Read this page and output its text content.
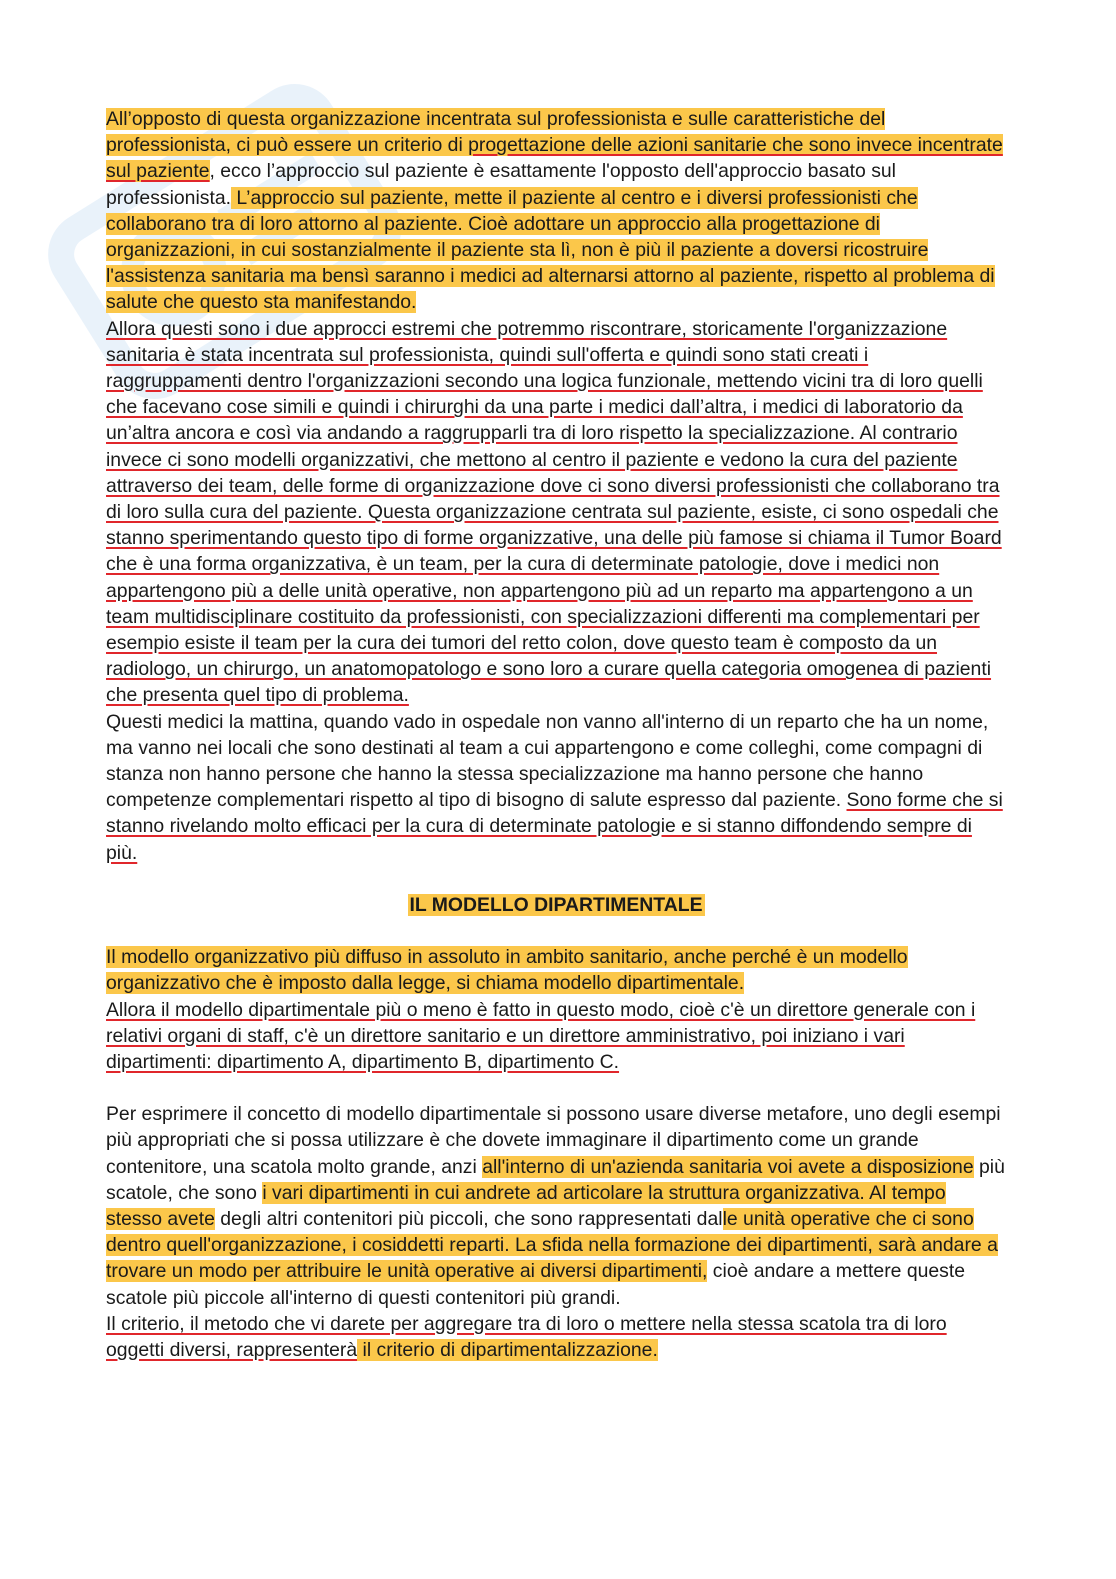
All’opposto di questa organizzazione incentrata sul professionista e sulle caratteristiche del professionista, ci può essere un criterio di progettazione delle azioni sanitarie che sono invece incentrate sul paziente, ecco l’approccio sul paziente è esattamente l'opposto dell'approccio basato sul professionista. L’approccio sul paziente, mette il paziente al centro e i diversi professionisti che collaborano tra di loro attorno al paziente. Cioè adottare un approccio alla progettazione di organizzazioni, in cui sostanzialmente il paziente sta lì, non è più il paziente a doversi ricostruire l'assistenza sanitaria ma bensì saranno i medici ad alternarsi attorno al paziente, rispetto al problema di salute che questo sta manifestando.

Allora questi sono i due approcci estremi che potremmo riscontrare, storicamente l'organizzazione sanitaria è stata incentrata sul professionista, quindi sull'offerta e quindi sono stati creati i raggruppamenti dentro l'organizzazioni secondo una logica funzionale, mettendo vicini tra di loro quelli che facevano cose simili e quindi i chirurghi da una parte i medici dall’altra, i medici di laboratorio da un’altra ancora e così via andando a raggrupparli tra di loro rispetto la specializzazione. Al contrario invece ci sono modelli organizzativi, che mettono al centro il paziente e vedono la cura del paziente attraverso dei team, delle forme di organizzazione dove ci sono diversi professionisti che collaborano tra di loro sulla cura del paziente. Questa organizzazione centrata sul paziente, esiste, ci sono ospedali che stanno sperimentando questo tipo di forme organizzative, una delle più famose si chiama il Tumor Board che è una forma organizzativa, è un team, per la cura di determinate patologie, dove i medici non appartengono più a delle unità operative, non appartengono più ad un reparto ma appartengono a un team multidisciplinare costituito da professionisti, con specializzazioni differenti ma complementari per esempio esiste il team per la cura dei tumori del retto colon, dove questo team è composto da un radiologo, un chirurgo, un anatomopatologo e sono loro a curare quella categoria omogenea di pazienti che presenta quel tipo di problema.

Questi medici la mattina, quando vado in ospedale non vanno all'interno di un reparto che ha un nome, ma vanno nei locali che sono destinati al team a cui appartengono e come colleghi, come compagni di stanza non hanno persone che hanno la stessa specializzazione ma hanno persone che hanno competenze complementari rispetto al tipo di bisogno di salute espresso dal paziente. Sono forme che si stanno rivelando molto efficaci per la cura di determinate patologie e si stanno diffondendo sempre di più.

IL MODELLO DIPARTIMENTALE

Il modello organizzativo più diffuso in assoluto in ambito sanitario, anche perché è un modello organizzativo che è imposto dalla legge, si chiama modello dipartimentale.

Allora il modello dipartimentale più o meno è fatto in questo modo, cioè c'è un direttore generale con i relativi organi di staff, c'è un direttore sanitario e un direttore amministrativo, poi iniziano i vari dipartimenti: dipartimento A, dipartimento B, dipartimento C.

Per esprimere il concetto di modello dipartimentale si possono usare diverse metafore, uno degli esempi più appropriati che si possa utilizzare è che dovete immaginare il dipartimento come un grande contenitore, una scatola molto grande, anzi all'interno di un'azienda sanitaria voi avete a disposizione più scatole, che sono i vari dipartimenti in cui andrete ad articolare la struttura organizzativa. Al tempo stesso avete degli altri contenitori più piccoli, che sono rappresentati dalle unità operative che ci sono dentro quell'organizzazione, i cosiddetti reparti. La sfida nella formazione dei dipartimenti, sarà andare a trovare un modo per attribuire le unità operative ai diversi dipartimenti, cioè andare a mettere queste scatole più piccole all'interno di questi contenitori più grandi.

Il criterio, il metodo che vi darete per aggregare tra di loro o mettere nella stessa scatola tra di loro oggetti diversi, rappresenterà il criterio di dipartimentalizzazione.
